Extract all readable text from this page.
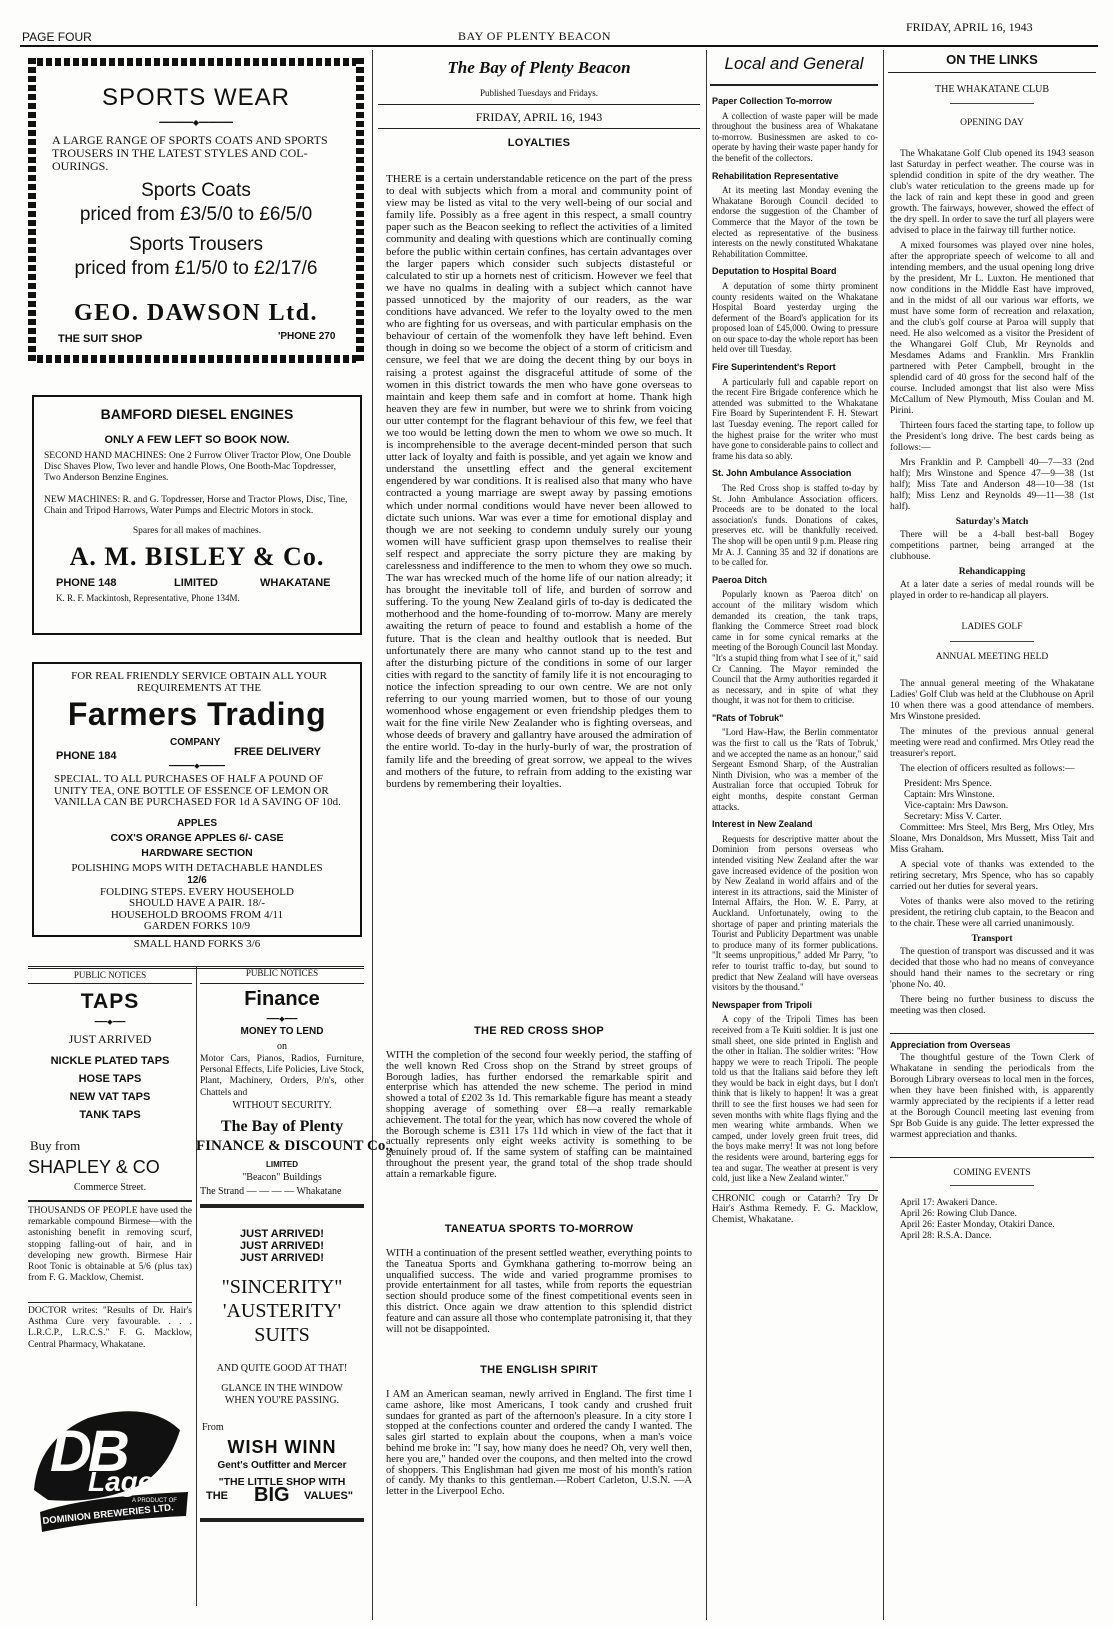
PAGE FOUR	BAY OF PLENTY BEACON
FRIDAY, APRIL 16, 1943
SPORTS WEAR
━━━━━━━◆━━━━━━━
A LARGE RANGE OF SPORTS COATS AND SPORTS TROUSERS IN THE LATEST STYLES AND COL-OURINGS.
Sports Coats
priced from £3/5/0 to £6/5/0
Sports Trousers
priced from £1/5/0 to £2/17/6
GEO. DAWSON Ltd.
THE SUIT SHOP	'PHONE 270
BAMFORD DIESEL ENGINES
ONLY A FEW LEFT SO BOOK NOW.
SECOND HAND MACHINES: One 2 Furrow Oliver Tractor Plow, One Double Disc Shaves Plow, Two lever and handle Plows, One Booth-Mac Topdresser, Two Anderson Benzine Engines.
NEW MACHINES: R. and G. Topdresser, Horse and Tractor Plows, Disc, Tine, Chain and Tripod Harrows, Water Pumps and Electric Motors in stock.
Spares for all makes of machines.
A. M. BISLEY & Co.
PHONE 148	LIMITED	WHAKATANE
K. R. F. Mackintosh, Representative, Phone 134M.
FOR REAL FRIENDLY SERVICE OBTAIN ALL YOUR REQUIREMENTS AT THE
Farmers Trading
COMPANY
PHONE 184	FREE DELIVERY
━━━━━━◆━━━━━━
SPECIAL. TO ALL PURCHASES OF HALF A POUND OF UNITY TEA, ONE BOTTLE OF ESSENCE OF LEMON OR VANILLA CAN BE PURCHASED FOR 1d A SAVING OF 10d.
APPLES
COX'S ORANGE APPLES 6/- CASE
HARDWARE SECTION
POLISHING MOPS WITH DETACHABLE HANDLES
12/6
FOLDING STEPS. EVERY HOUSEHOLD SHOULD HAVE A PAIR. 18/-
HOUSEHOLD BROOMS FROM 4/11
GARDEN FORKS 10/9
SMALL HAND FORKS 3/6
PUBLIC NOTICES
TAPS
━━━◆━━━
JUST ARRIVED
NICKLE PLATED TAPS
HOSE TAPS
NEW VAT TAPS
TANK TAPS
Buy from
SHAPLEY & CO
Commerce Street.
THOUSANDS OF PEOPLE have used the remarkable compound Birmese—with the astonishing benefit in removing scurf, stopping falling-out of hair, and in developing new growth. Birmese Hair Root Tonic is obtainable at 5/6 (plus tax) from F. G. Macklow, Chemist.
DOCTOR writes: "Results of Dr. Hair's Asthma Cure very favourable. . . . L.R.C.P., L.R.C.S." F. G. Macklow, Central Pharmacy, Whakatane.
DB
Lager
A PRODUCT OF
DOMINION BREWERIES LTD.
PUBLIC NOTICES
Finance
━━━◆━━━
MONEY TO LEND
on
Motor Cars, Pianos, Radios, Furniture, Personal Effects, Life Policies, Live Stock, Plant, Machinery, Orders, P/n's, other Chattels and
WITHOUT SECURITY.
The Bay of Plenty
FINANCE & DISCOUNT Co.,
LIMITED
"Beacon" Buildings
The Strand — — — — Whakatane
JUST ARRIVED!
JUST ARRIVED!
JUST ARRIVED!
"SINCERITY"
'AUSTERITY'
SUITS
AND QUITE GOOD AT THAT!
GLANCE IN THE WINDOW WHEN YOU'RE PASSING.
From
WISH WINN
Gent's Outfitter and Mercer
"THE LITTLE SHOP WITH
THE BIG VALUES"
The Bay of Plenty Beacon
Published Tuesdays and Fridays.
FRIDAY, APRIL 16, 1943
LOYALTIES

THERE is a certain understandable reticence on the part of the press to deal with subjects which from a moral and community point of view may be listed as vital to the very well-being of our social and family life. Possibly as a free agent in this respect, a small country paper such as the Beacon seeking to reflect the activities of a limited community and dealing with questions which are continually coming before the public within certain confines, has certain advantages over the larger papers which consider such subjects distasteful or calculated to stir up a hornets nest of criticism. However we feel that we have no qualms in dealing with a subject which cannot have passed unnoticed by the majority of our readers, as the war conditions have advanced. We refer to the loyalty owed to the men who are fighting for us overseas, and with particular emphasis on the behaviour of certain of the womenfolk they have left behind. Even though in doing so we become the object of a storm of criticism and censure, we feel that we are doing the decent thing by our boys in raising a protest against the disgraceful attitude of some of the women in this district towards the men who have gone overseas to maintain and keep them safe and in comfort at home. Thank high heaven they are few in number, but were we to shrink from voicing our utter contempt for the flagrant behaviour of this few, we feel that we too would be letting down the men to whom we owe so much. It is incomprehensible to the average decent-minded person that such utter lack of loyalty and faith is possible, and yet again we know and understand the unsettling effect and the general excitement engendered by war conditions. It is realised also that many who have contracted a young marriage are swept away by passing emotions which under normal conditions would have never been allowed to dictate such unions. War was ever a time for emotional display and though we are not seeking to condemn unduly surely our young women will have sufficient grasp upon themselves to realise their self respect and appreciate the sorry picture they are making by carelessness and indifference to the men to whom they owe so much. The war has wrecked much of the home life of our nation already; it has brought the inevitable toll of life, and burden of sorrow and suffering. To the young New Zealand girls of to-day is dedicated the motherhood and the home-founding of to-morrow. Many are merely awaiting the return of peace to found and establish a home of the future. That is the clean and healthy outlook that is needed. But unfortunately there are many who cannot stand up to the test and after the disturbing picture of the conditions in some of our larger cities with regard to the sanctity of family life it is not encouraging to notice the infection spreading to our own centre. We are not only referring to our young married women, but to those of our young womenhood whose engagement or even friendship pledges them to wait for the fine virile New Zealander who is fighting overseas, and whose deeds of bravery and gallantry have aroused the admiration of the entire world. To-day in the hurly-burly of war, the prostration of family life and the breeding of great sorrow, we appeal to the wives and mothers of the future, to refrain from adding to the existing war burdens by remembering their loyalties.

THE RED CROSS SHOP
WITH the completion of the second four weekly period, the staffing of the well known Red Cross shop on the Strand by street groups of Borough ladies, has further endorsed the remarkable spirit and enterprise which has attended the new scheme. The period in mind showed a total of £202 3s 1d. This remarkable figure has meant a steady shopping average of something over £8—a really remarkable achievement. The total for the year, which has now covered the whole of the Borough scheme is £311 17s 11d which in view of the fact that it actually represents only eight weeks activity is something to be genuinely proud of. If the same system of staffing can be maintained throughout the present year, the grand total of the shop trade should attain a remarkable figure.
TANEATUA SPORTS TO-MORROW
WITH a continuation of the present settled weather, everything points to the Taneatua Sports and Gymkhana gathering to-morrow being an unqualified success. The wide and varied programme promises to provide entertainment for all tastes, while from reports the equestrian section should produce some of the finest competitional events seen in this district. Once again we draw attention to this splendid district feature and can assure all those who contemplate patronising it, that they will not be disappointed.
THE ENGLISH SPIRIT
I AM an American seaman, newly arrived in England. The first time I came ashore, like most Americans, I took candy and crushed fruit sundaes for granted as part of the afternoon's pleasure. In a city store I stopped at the confections counter and ordered the candy I wanted. The sales girl started to explain about the coupons, when a man's voice behind me broke in: "I say, how many does he need? Oh, very well then, here you are," handed over the coupons, and then melted into the crowd of shoppers. This Englishman had given me most of his month's ration of candy. My thanks to this gentleman.—Robert Carleton, U.S.N. —A letter in the Liverpool Echo.
Local and General
Paper Collection To-morrow

A collection of waste paper will be made throughout the business area of Whakatane to-morrow. Businessmen are asked to co-operate by having their waste paper handy for the benefit of the collectors.

Rehabilitation Representative

At its meeting last Monday evening the Whakatane Borough Council decided to endorse the suggestion of the Chamber of Commerce that the Mayor of the town be elected as representative of the business interests on the newly constituted Whakatane Rehabilitation Committee.

Deputation to Hospital Board

A deputation of some thirty prominent county residents waited on the Whakatane Hospital Board yesterday urging the deferment of the Board's application for its proposed loan of £45,000. Owing to pressure on our space to-day the whole report has been held over till Tuesday.

Fire Superintendent's Report

A particularly full and capable report on the recent Fire Brigade conference which he attended was submitted to the Whakatane Fire Board by Superintendent F. H. Stewart last Tuesday evening. The report called for the highest praise for the writer who must have gone to considerable pains to collect and frame his data so ably.

St. John Ambulance Association

The Red Cross shop is staffed to-day by St. John Ambulance Association officers. Proceeds are to be donated to the local association's funds. Donations of cakes, preserves etc. will be thankfully received. The shop will be open until 9 p.m. Please ring Mr A. J. Canning 35 and 32 if donations are to be called for.

Paeroa Ditch

Popularly known as 'Paeroa ditch' on account of the military wisdom which demanded its creation, the tank traps, flanking the Commerce Street road block came in for some cynical remarks at the meeting of the Borough Council last Monday. "It's a stupid thing from what I see of it," said Cr Canning. The Mayor reminded the Council that the Army authorities regarded it as necessary, and in spite of what they thought, it was not for them to criticise.

"Rats of Tobruk"

"Lord Haw-Haw, the Berlin commentator was the first to call us the 'Rats of Tobruk,' and we accepted the name as an honour," said Sergeant Esmond Sharp, of the Australian Ninth Division, who was a member of the Australian force that occupied Tobruk for eight months, despite constant German attacks.

Interest in New Zealand

Requests for descriptive matter about the Dominion from persons overseas who intended visiting New Zealand after the war gave increased evidence of the position won by New Zealand in world affairs and of the interest in its attractions, said the Minister of Internal Affairs, the Hon. W. E. Parry, at Auckland. Unfortunately, owing to the shortage of paper and printing materials the Tourist and Publicity Department was unable to produce many of its former publications. "It seems unpropitious," added Mr Parry, "to refer to tourist traffic to-day, but sound to predict that New Zealand will have overseas visitors by the thousand."

Newspaper from Tripoli

A copy of the Tripoli Times has been received from a Te Kuiti soldier. It is just one small sheet, one side printed in English and the other in Italian. The soldier writes: "How happy we were to reach Tripoli. The people told us that the Italians said before they left they would be back in eight days, but I don't think that is likely to happen! It was a great thrill to see the first houses we had seen for seven months with white flags flying and the men wearing white armbands. When we camped, under lovely green fruit trees, did the boys make merry! It was not long before the residents were around, bartering eggs for tea and sugar. The weather at present is very cold, just like a New Zealand winter."

CHRONIC cough or Catarrh? Try Dr Hair's Asthma Remedy. F. G. Macklow, Chemist, Whakatane.

ON THE LINKS
THE WHAKATANE CLUB
OPENING DAY

The Whakatane Golf Club opened its 1943 season last Saturday in perfect weather. The course was in splendid condition in spite of the dry weather. The club's water reticulation to the greens made up for the lack of rain and kept these in good and green growth. The fairways, however, showed the effect of the dry spell. In order to save the turf all players were advised to place in the fairway till further notice.

A mixed foursomes was played over nine holes, after the appropriate speech of welcome to all and intending members, and the usual opening long drive by the president, Mr L. Luxton. He mentioned that now conditions in the Middle East have improved, and in the midst of all our various war efforts, we must have some form of recreation and relaxation, and the club's golf course at Paroa will supply that need. He also welcomed as a visitor the President of the Whangarei Golf Club, Mr Reynolds and Mesdames Adams and Franklin. Mrs Franklin partnered with Peter Campbell, brought in the splendid card of 40 gross for the second half of the course. Included amongst that list also were Miss McCallum of New Plymouth, Miss Coulan and M. Pirini.

Thirteen fours faced the starting tape, to follow up the President's long drive. The best cards being as follows:—

Mrs Franklin and P. Campbell 40—7—33 (2nd half); Mrs Winstone and Spence 47—9—38 (1st half); Miss Tate and Anderson 48—10—38 (1st half); Miss Lenz and Reynolds 49—11—38 (1st half).

Saturday's Match

There will be a 4-ball best-ball Bogey competitions partner, being arranged at the clubhouse.

Rehandicapping

At a later date a series of medal rounds will be played in order to re-handicap all players.

LADIES GOLF
ANNUAL MEETING HELD

The annual general meeting of the Whakatane Ladies' Golf Club was held at the Clubhouse on April 10 when there was a good attendance of members. Mrs Winstone presided.

The minutes of the previous annual general meeting were read and confirmed. Mrs Otley read the treasurer's report.

The election of officers resulted as follows:—

President: Mrs Spence.
Captain: Mrs Winstone.
Vice-captain: Mrs Dawson.
Secretary: Miss V. Carter.

Committee: Mrs Steel, Mrs Berg, Mrs Otley, Mrs Sloane, Mrs Donaldson, Mrs Mussett, Miss Tait and Miss Graham.

A special vote of thanks was extended to the retiring secretary, Mrs Spence, who has so capably carried out her duties for several years.

Votes of thanks were also moved to the retiring president, the retiring club captain, to the Beacon and to the chair. These were all carried unanimously.

Transport

The question of transport was discussed and it was decided that those who had no means of conveyance should hand their names to the secretary or ring 'phone No. 40.

There being no further business to discuss the meeting was then closed.

Appreciation from Overseas

The thoughtful gesture of the Town Clerk of Whakatane in sending the periodicals from the Borough Library overseas to local men in the forces, when they have been finished with, is apparently warmly appreciated by the recipients if a letter read at the Borough Council meeting last evening from Spr Bob Guide is any guide. The letter expressed the warmest appreciation and thanks.

COMING EVENTS
April 17: Awakeri Dance.
April 26: Rowing Club Dance.
April 26: Easter Monday, Otakiri Dance.
April 28: R.S.A. Dance.
